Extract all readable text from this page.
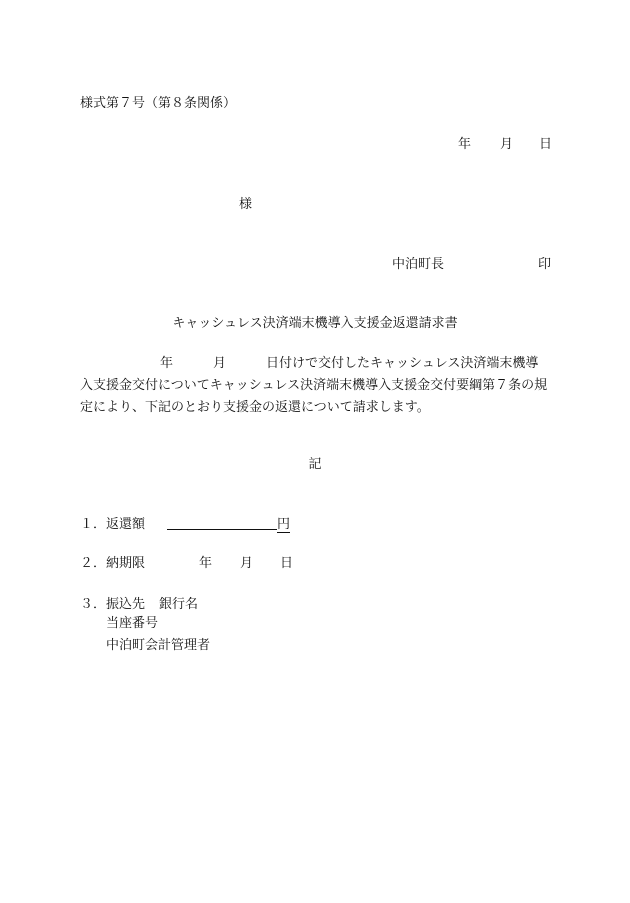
様式第７号（第８条関係）
年 月 日
様
中泊町長	印
キャッシュレス決済端末機導入支援金返還請求書
年	月	日付けで交付したキャッシュレス決済端末機導入支援金交付についてキャッシュレス決済端末機導入支援金交付要綱第７条の規定により、下記のとおり支援金の返還について請求します。
記
１．返還額	円
２．納期限	年 月 日
３．振込先 銀行名
当座番号
中泊町会計管理者
